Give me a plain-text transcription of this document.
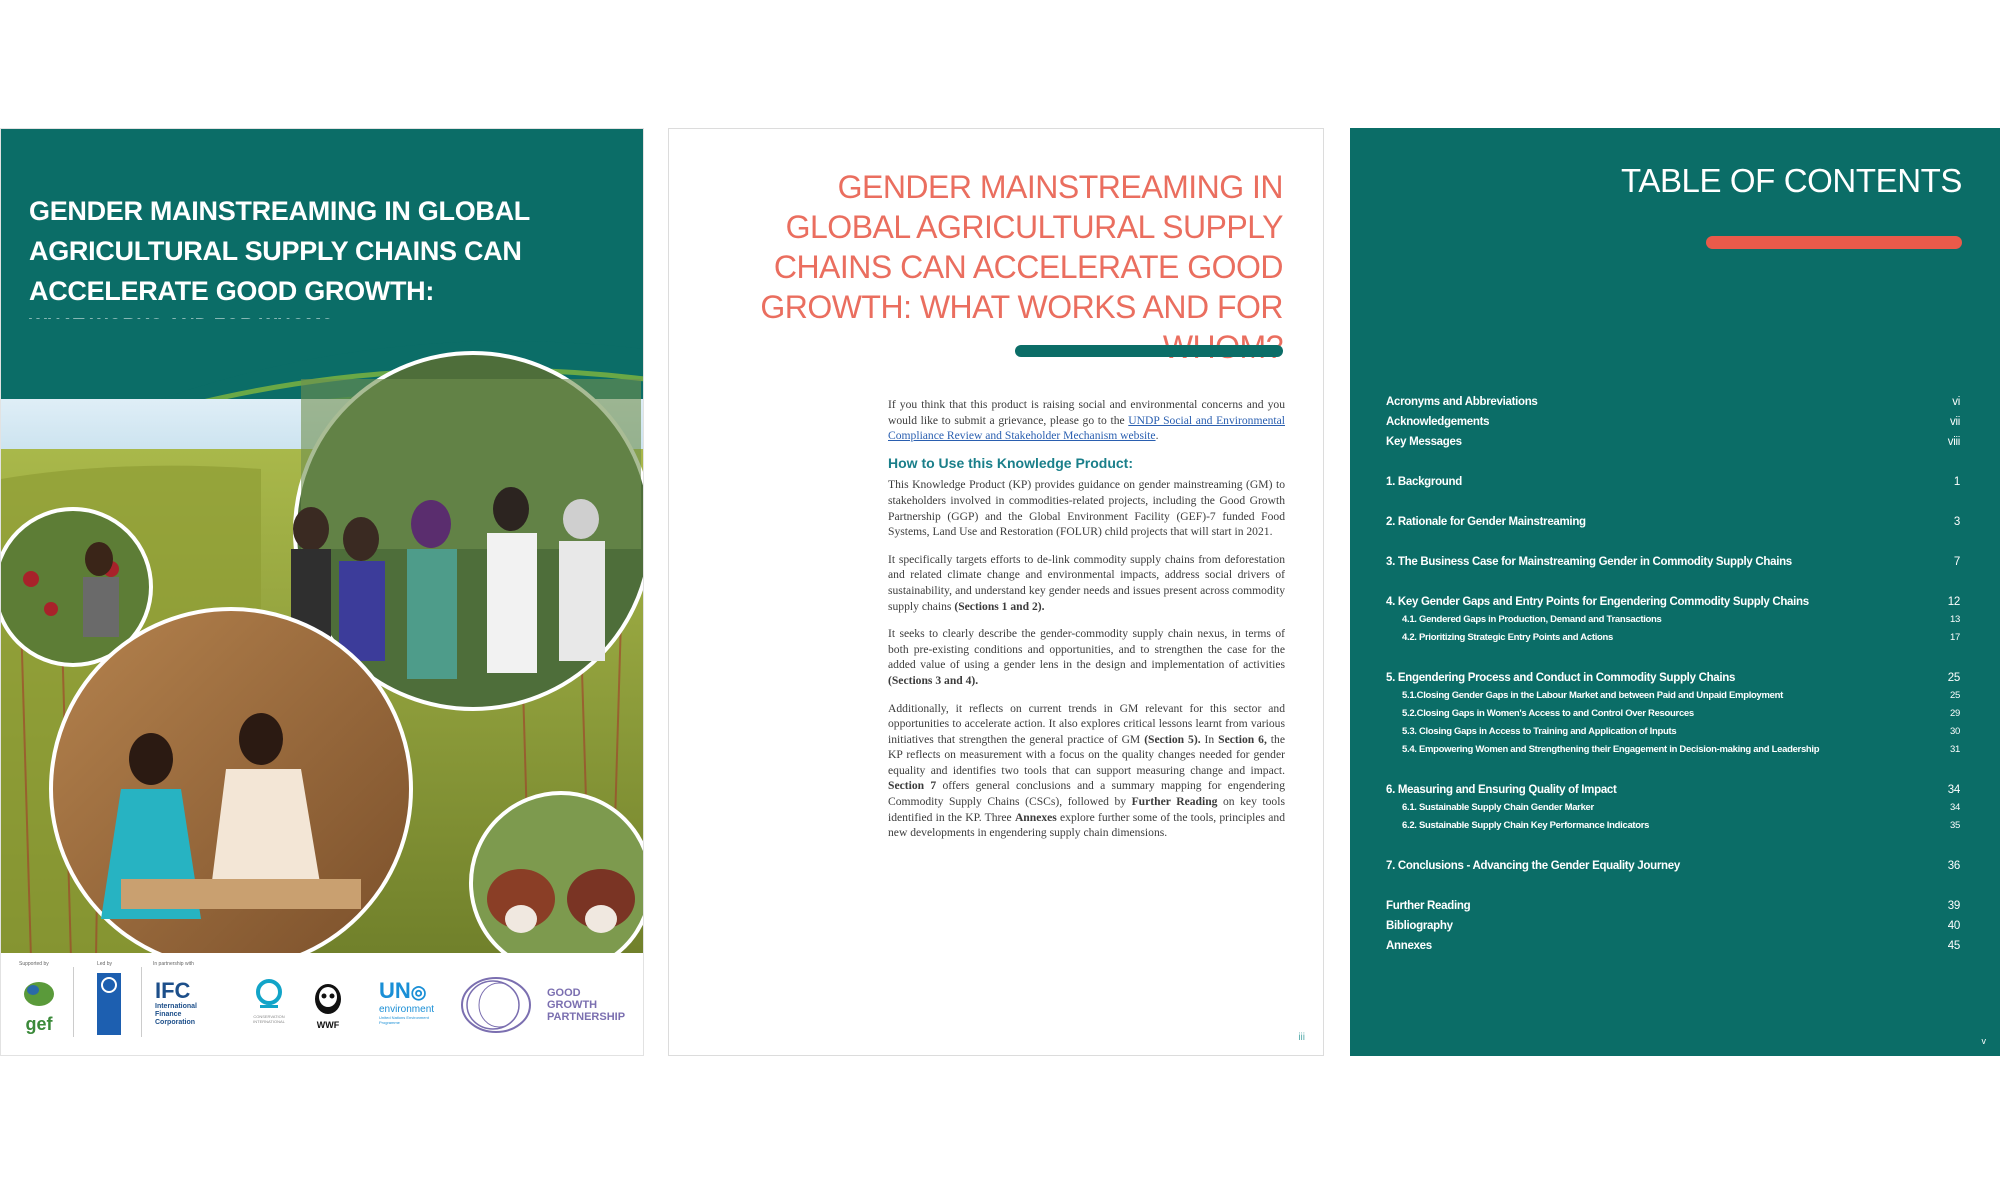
GENDER MAINSTREAMING IN GLOBAL AGRICULTURAL SUPPLY CHAINS CAN ACCELERATE GOOD GROWTH:
Supported by	Led by	In partnership with
gef
IFC
International Finance Corporation
CONSERVATION INTERNATIONAL	WWF
UN◎
environment
United Nations Environment Programme
GOOD GROWTH PARTNERSHIP
GENDER MAINSTREAMING IN GLOBAL AGRICULTURAL SUPPLY CHAINS CAN ACCELERATE GOOD GROWTH: WHAT WORKS AND FOR

If you think that this product is raising social and environmental concerns and you would like to submit a grievance, please go to the UNDP Social and Environmental Compliance Review and Stakeholder Mechanism website.

How to Use this Knowledge Product:

This Knowledge Product (KP) provides guidance on gender mainstreaming (GM) to stakeholders involved in commodities-related projects, including the Good Growth Partnership (GGP) and the Global Environment Facility (GEF)-7 funded Food Systems, Land Use and Restoration (FOLUR) child projects that will start in 2021.

It specifically targets efforts to de-link commodity supply chains from deforestation and related climate change and environmental impacts, address social drivers of sustainability, and understand key gender needs and issues present across commodity supply chains (Sections 1 and 2).

It seeks to clearly describe the gender-commodity supply chain nexus, in terms of both pre-existing conditions and opportunities, and to strengthen the case for the added value of using a gender lens in the design and implementation of activities (Sections 3 and 4).

Additionally, it reflects on current trends in GM relevant for this sector and opportunities to accelerate action. It also explores critical lessons learnt from various initiatives that strengthen the general practice of GM (Section 5). In Section 6, the KP reflects on measurement with a focus on the quality changes needed for gender equality and identifies two tools that can support measuring change and impact. Section 7 offers general conclusions and a summary mapping for engendering Commodity Supply Chains (CSCs), followed by Further Reading on key tools identified in the KP. Three Annexes explore further some of the tools, principles and new developments in engendering supply chain dimensions.

iii
TABLE OF CONTENTS
Acronyms and Abbreviations	vi
Acknowledgements	vii
Key Messages	viii
1. Background	1
2. Rationale for Gender Mainstreaming	3
3. The Business Case for Mainstreaming Gender in Commodity Supply Chains	7
4. Key Gender Gaps and Entry Points for Engendering Commodity Supply Chains	12
4.1. Gendered Gaps in Production, Demand and Transactions	13
4.2. Prioritizing Strategic Entry Points and Actions	17
5. Engendering Process and Conduct in Commodity Supply Chains	25
5.1.Closing Gender Gaps in the Labour Market and between Paid and Unpaid Employment	25
5.2.Closing Gaps in Women's Access to and Control Over Resources	29
5.3. Closing Gaps in Access to Training and Application of Inputs	30
5.4. Empowering Women and Strengthening their Engagement in Decision-making and Leadership	31
6. Measuring and Ensuring Quality of Impact	34
6.1. Sustainable Supply Chain Gender Marker	34
6.2. Sustainable Supply Chain Key Performance Indicators	35
7. Conclusions - Advancing the Gender Equality Journey	36
Further Reading	39
Bibliography	40
Annexes	45
v
